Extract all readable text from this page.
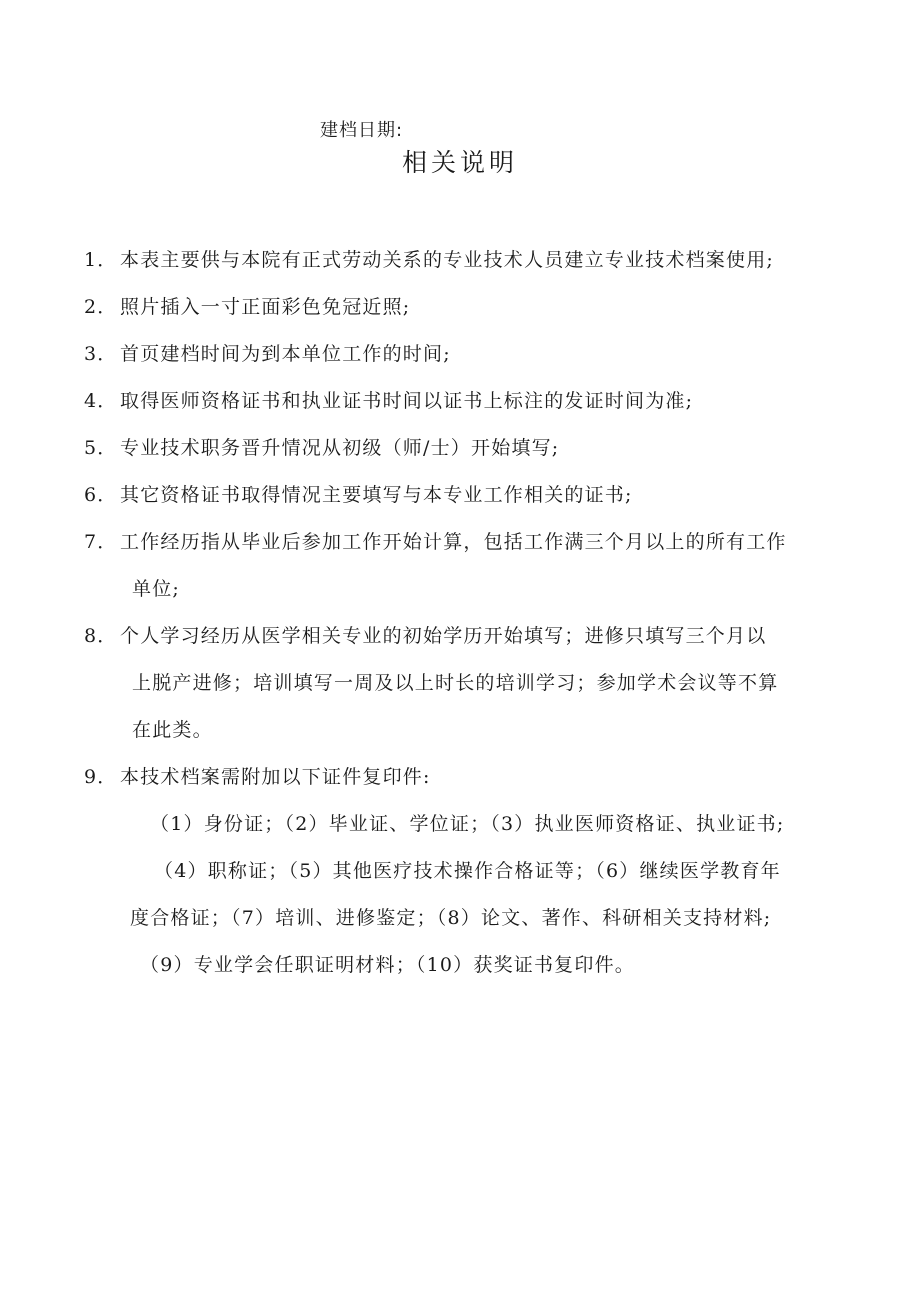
建档日期:
相关说明
1． 本表主要供与本院有正式劳动关系的专业技术人员建立专业技术档案使用;
2． 照片插入一寸正面彩色免冠近照;
3． 首页建档时间为到本单位工作的时间;
4． 取得医师资格证书和执业证书时间以证书上标注的发证时间为准;
5． 专业技术职务晋升情况从初级（师/士）开始填写;
6． 其它资格证书取得情况主要填写与本专业工作相关的证书;
7． 工作经历指从毕业后参加工作开始计算，包括工作满三个月以上的所有工作
单位;
8． 个人学习经历从医学相关专业的初始学历开始填写；进修只填写三个月以
上脱产进修；培训填写一周及以上时长的培训学习；参加学术会议等不算
在此类。
9． 本技术档案需附加以下证件复印件:
（1）身份证；（2）毕业证、学位证；（3）执业医师资格证、执业证书;
（4）职称证；（5）其他医疗技术操作合格证等；（6）继续医学教育年
度合格证；（7）培训、进修鉴定；（8）论文、著作、科研相关支持材料;
（9）专业学会任职证明材料；（10）获奖证书复印件。
